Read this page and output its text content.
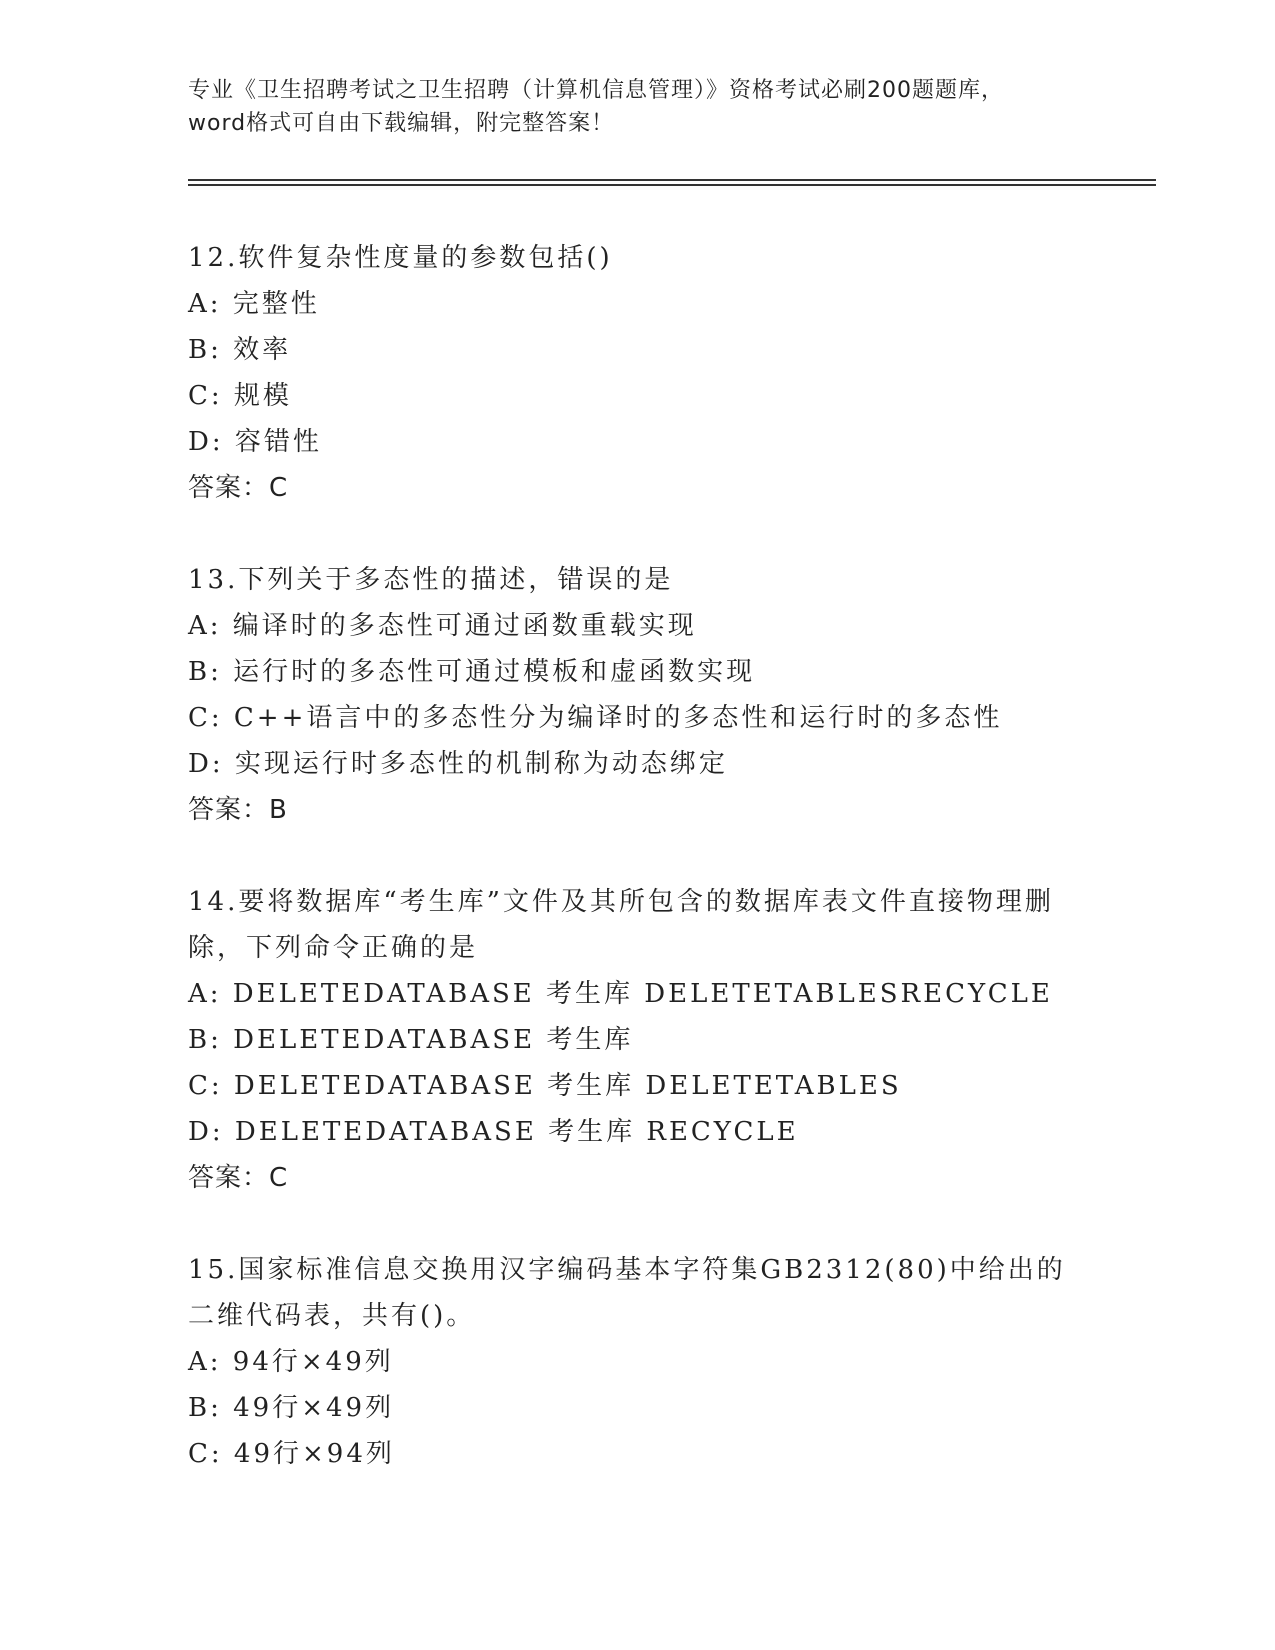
专业《卫生招聘考试之卫生招聘（计算机信息管理）》资格考试必刷200题题库，
word格式可自由下载编辑，附完整答案！

12.软件复杂性度量的参数包括()

A: 完整性

B: 效率

C: 规模

D: 容错性

答案：C

13.下列关于多态性的描述，错误的是

A: 编译时的多态性可通过函数重载实现

B: 运行时的多态性可通过模板和虚函数实现

C: C++语言中的多态性分为编译时的多态性和运行时的多态性

D: 实现运行时多态性的机制称为动态绑定

答案：B

14.要将数据库“考生库”文件及其所包含的数据库表文件直接物理删除，下列命令正确的是

A: DELETEDATABASE 考生库 DELETETABLESRECYCLE

B: DELETEDATABASE 考生库

C: DELETEDATABASE 考生库 DELETETABLES

D: DELETEDATABASE 考生库 RECYCLE

答案：C

15.国家标准信息交换用汉字编码基本字符集GB2312(80)中给出的二维代码表，共有()。

A: 94行×49列

B: 49行×49列

C: 49行×94列
